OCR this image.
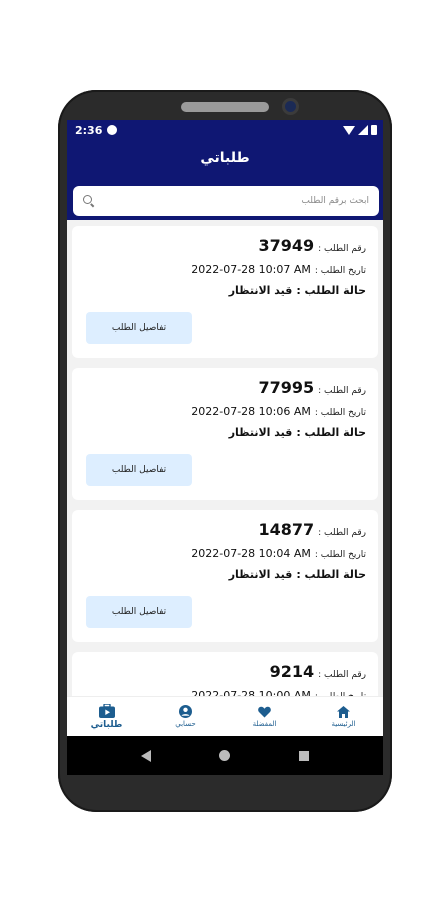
2:36
طلباتي
ابحث برقم الطلب
رقم الطلب :
37949
تاريخ الطلب :
2022-07-28 10:07 AM
حالة الطلب :
قيد الانتظار
تفاصيل الطلب
رقم الطلب :
77995
تاريخ الطلب :
2022-07-28 10:06 AM
حالة الطلب :
قيد الانتظار
تفاصيل الطلب
رقم الطلب :
14877
تاريخ الطلب :
2022-07-28 10:04 AM
حالة الطلب :
قيد الانتظار
تفاصيل الطلب
رقم الطلب :
9214
الرئيسية
المفضلة
حسابي
طلباتي
